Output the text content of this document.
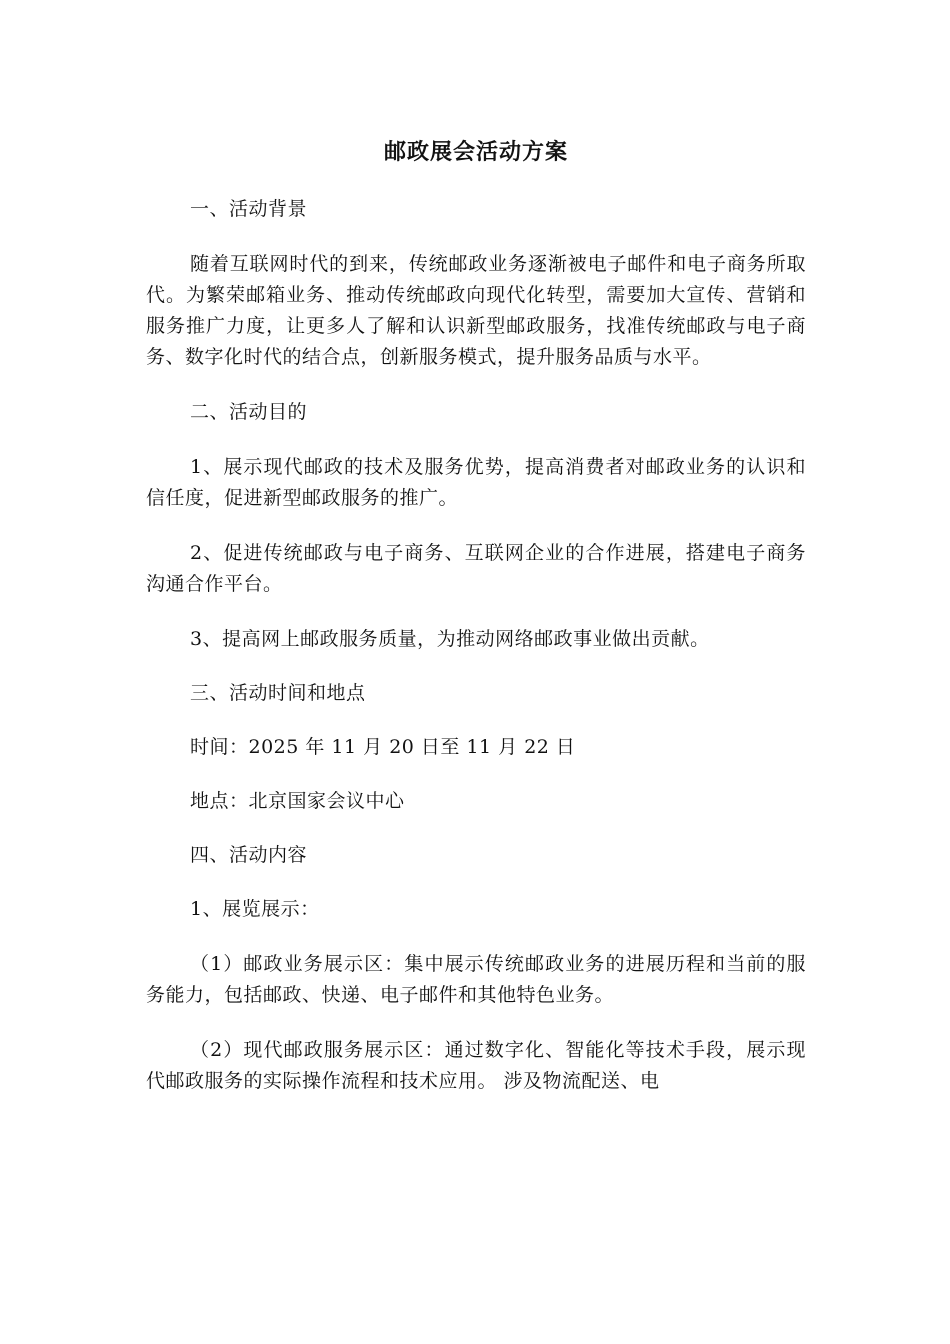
邮政展会活动方案

一、活动背景

随着互联网时代的到来，传统邮政业务逐渐被电子邮件和电子商务所取代。为繁荣邮箱业务、推动传统邮政向现代化转型，需要加大宣传、营销和服务推广力度，让更多人了解和认识新型邮政服务，找准传统邮政与电子商务、数字化时代的结合点，创新服务模式，提升服务品质与水平。

二、活动目的

1、展示现代邮政的技术及服务优势，提高消费者对邮政业务的认识和信任度，促进新型邮政服务的推广。

2、促进传统邮政与电子商务、互联网企业的合作进展，搭建电子商务沟通合作平台。

3、提高网上邮政服务质量，为推动网络邮政事业做出贡献。

三、活动时间和地点

时间：2025 年 11 月 20 日至 11 月 22 日

地点：北京国家会议中心

四、活动内容

1、展览展示：

（1）邮政业务展示区：集中展示传统邮政业务的进展历程和当前的服务能力，包括邮政、快递、电子邮件和其他特色业务。

（2）现代邮政服务展示区：通过数字化、智能化等技术手段，展示现代邮政服务的实际操作流程和技术应用。 涉及物流配送、电
